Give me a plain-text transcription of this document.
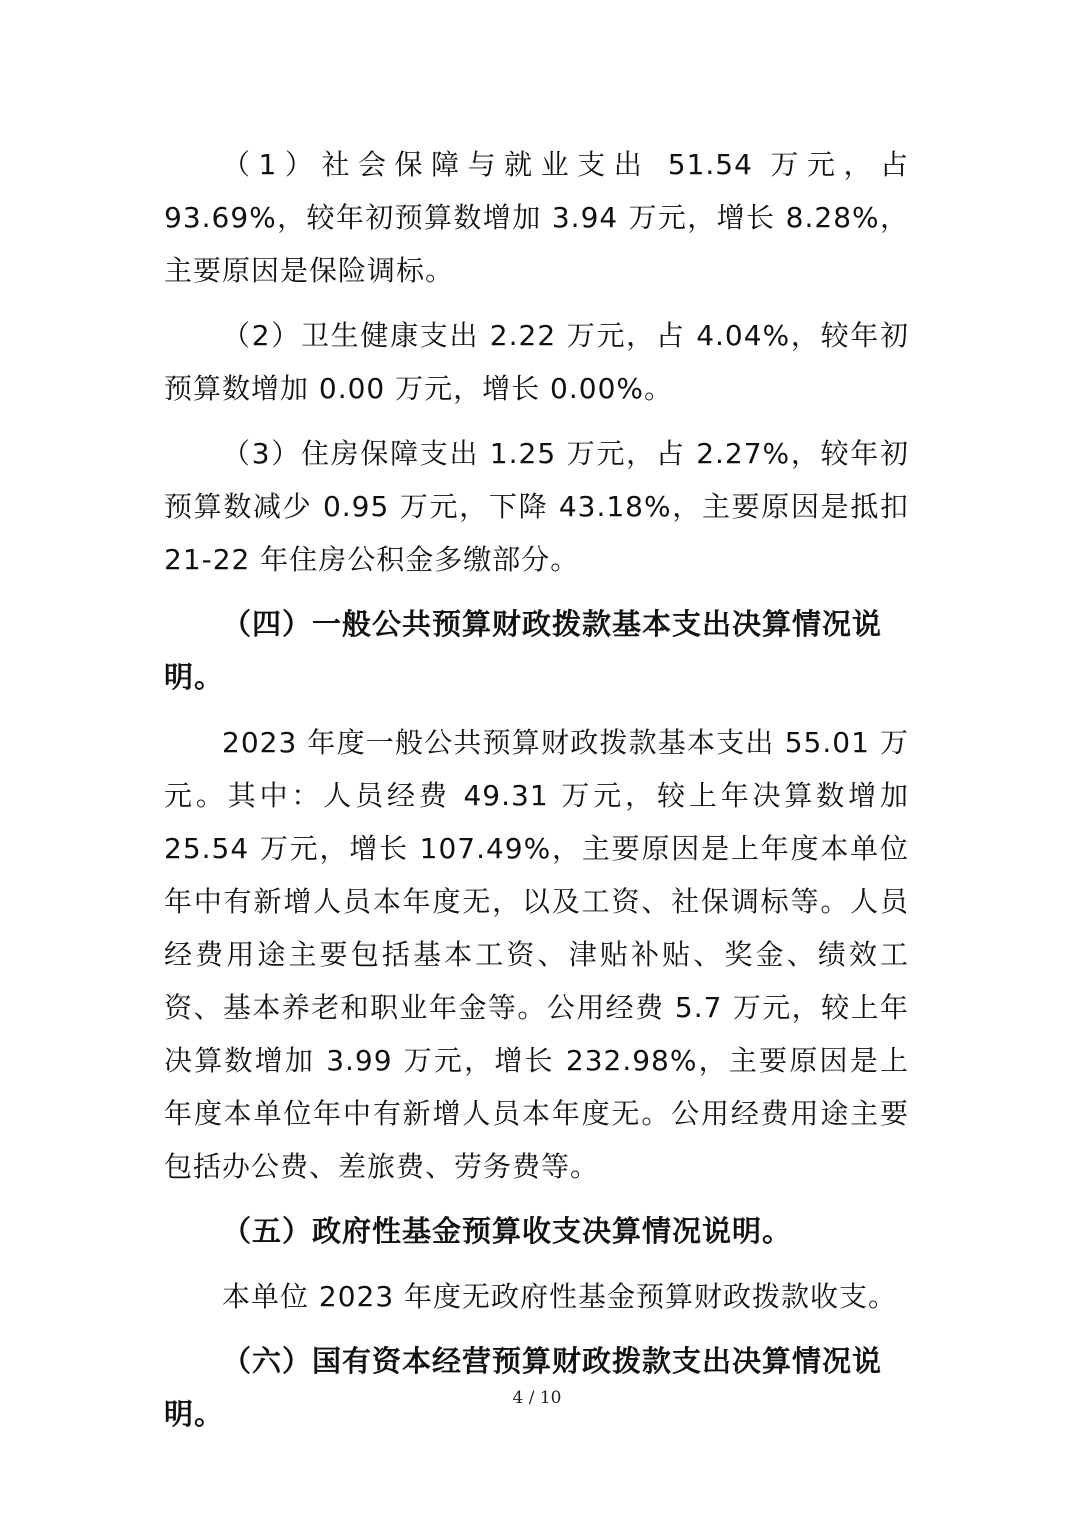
（1）社会保障与就业支出 51.54 万元，占 93.69%，较年初预算数增加 3.94 万元，增长 8.28%，主要原因是保险调标。

（2）卫生健康支出 2.22 万元，占 4.04%，较年初预算数增加 0.00 万元，增长 0.00%。

（3）住房保障支出 1.25 万元，占 2.27%，较年初预算数减少 0.95 万元，下降 43.18%，主要原因是抵扣 21-22 年住房公积金多缴部分。

（四）一般公共预算财政拨款基本支出决算情况说明。

2023 年度一般公共预算财政拨款基本支出 55.01 万元。其中：人员经费 49.31 万元，较上年决算数增加 25.54 万元，增长 107.49%，主要原因是上年度本单位年中有新增人员本年度无，以及工资、社保调标等。人员经费用途主要包括基本工资、津贴补贴、奖金、绩效工资、基本养老和职业年金等。公用经费 5.7 万元，较上年决算数增加 3.99 万元，增长 232.98%，主要原因是上年度本单位年中有新增人员本年度无。公用经费用途主要包括办公费、差旅费、劳务费等。

（五）政府性基金预算收支决算情况说明。

本单位 2023 年度无政府性基金预算财政拨款收支。

（六）国有资本经营预算财政拨款支出决算情况说明。	4 / 10
